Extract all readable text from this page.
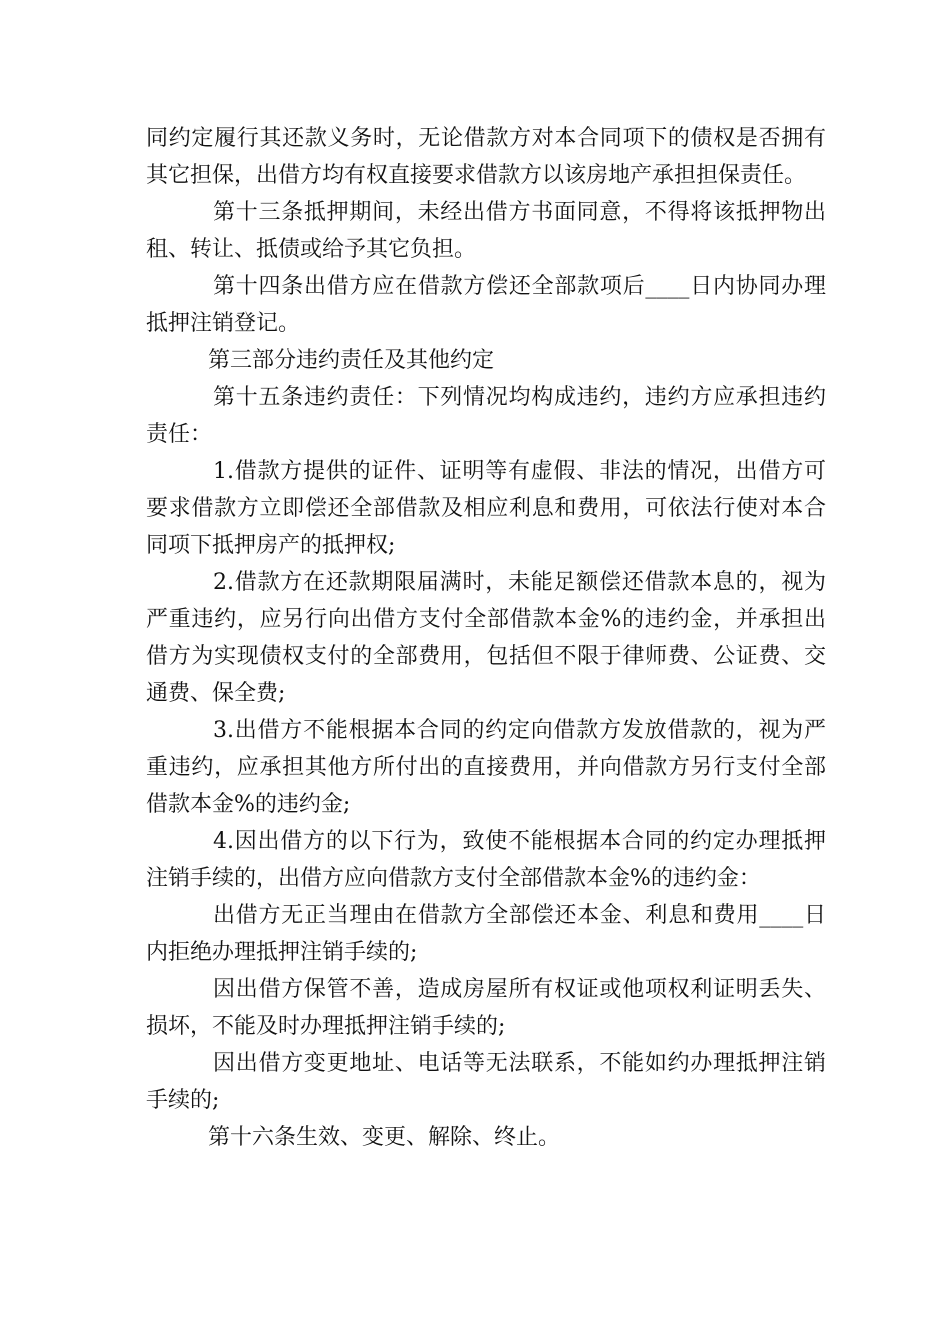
同约定履行其还款义务时，无论借款方对本合同项下的债权是否拥有其它担保，出借方均有权直接要求借款方以该房地产承担担保责任。

第十三条抵押期间，未经出借方书面同意，不得将该抵押物出租、转让、抵债或给予其它负担。

第十四条出借方应在借款方偿还全部款项后____日内协同办理抵押注销登记。

第三部分违约责任及其他约定

第十五条违约责任：下列情况均构成违约，违约方应承担违约责任：

1.借款方提供的证件、证明等有虚假、非法的情况，出借方可要求借款方立即偿还全部借款及相应利息和费用，可依法行使对本合同项下抵押房产的抵押权;

2.借款方在还款期限届满时，未能足额偿还借款本息的，视为严重违约，应另行向出借方支付全部借款本金%的违约金，并承担出借方为实现债权支付的全部费用，包括但不限于律师费、公证费、交通费、保全费;

3.出借方不能根据本合同的约定向借款方发放借款的，视为严重违约，应承担其他方所付出的直接费用，并向借款方另行支付全部借款本金%的违约金;

4.因出借方的以下行为，致使不能根据本合同的约定办理抵押注销手续的，出借方应向借款方支付全部借款本金%的违约金：

出借方无正当理由在借款方全部偿还本金、利息和费用____日内拒绝办理抵押注销手续的;

因出借方保管不善，造成房屋所有权证或他项权利证明丢失、损坏，不能及时办理抵押注销手续的;

因出借方变更地址、电话等无法联系，不能如约办理抵押注销手续的;

第十六条生效、变更、解除、终止。
